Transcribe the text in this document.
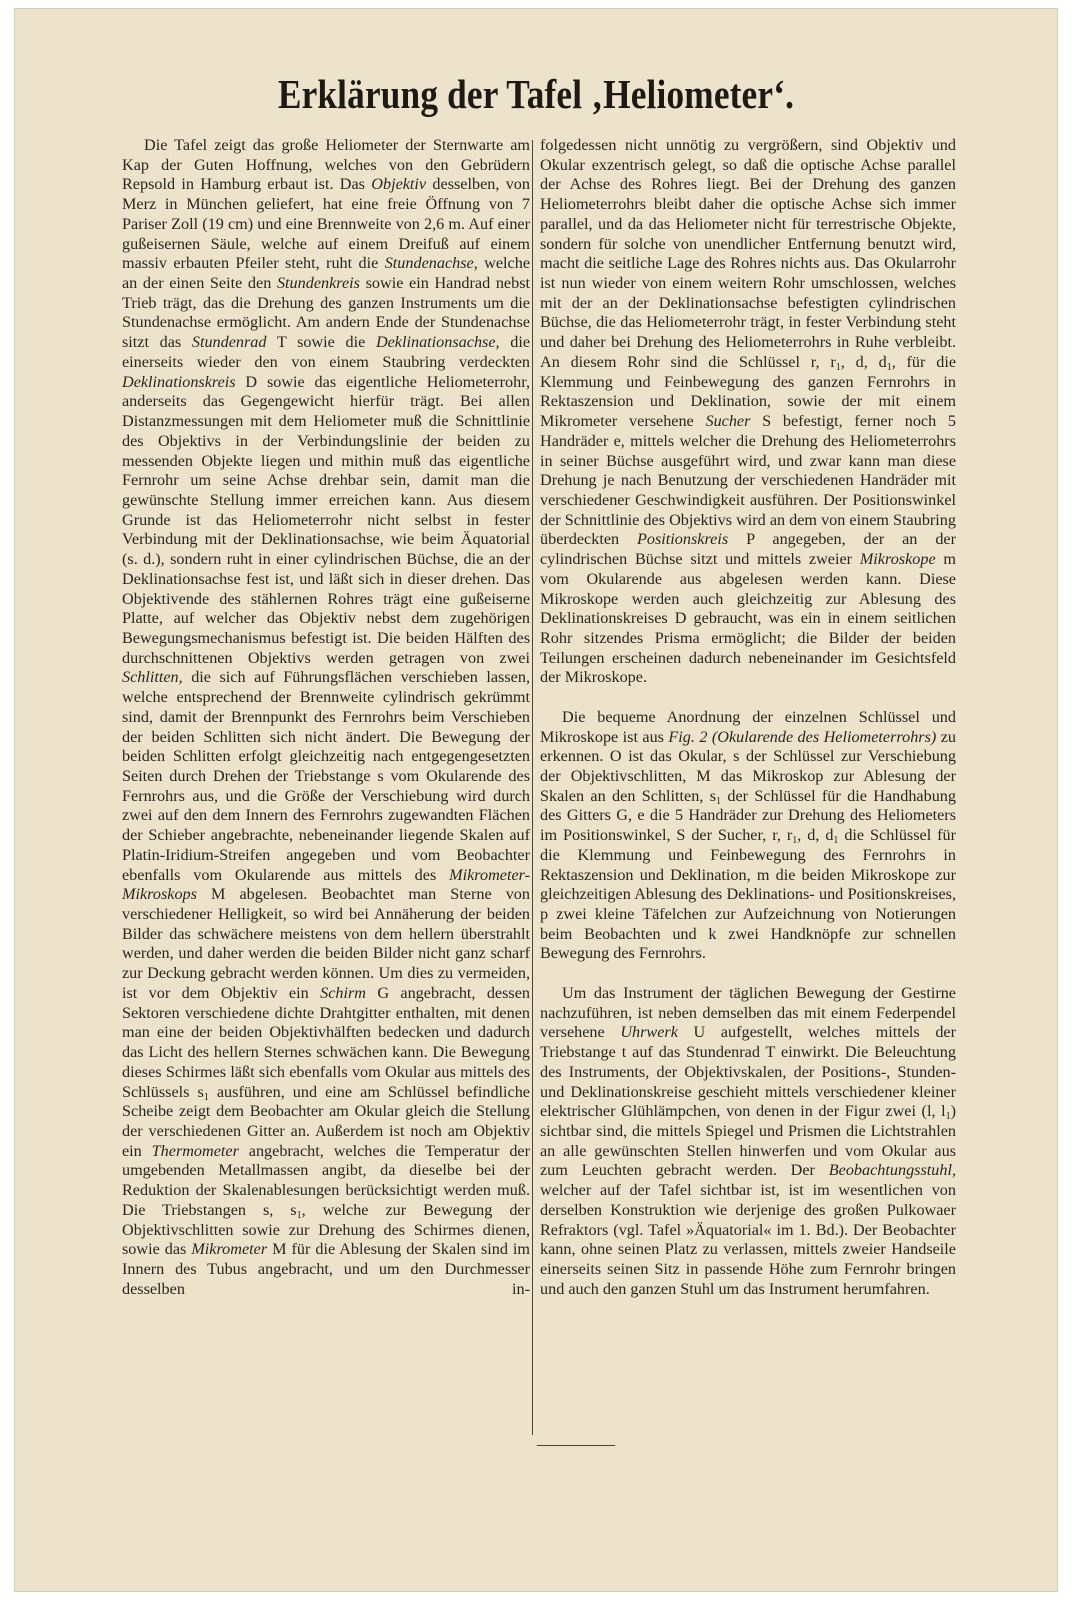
Erklärung der Tafel ‚Heliometer‘.
Die Tafel zeigt das große Heliometer der Sternwarte am Kap der Guten Hoffnung, welches von den Gebrüdern Repsold in Hamburg erbaut ist. Das Objektiv desselben, von Merz in München geliefert, hat eine freie Öffnung von 7 Pariser Zoll (19 cm) und eine Brennweite von 2,6 m. Auf einer gußeisernen Säule, welche auf einem Dreifuß auf einem massiv erbauten Pfeiler steht, ruht die Stundenachse, welche an der einen Seite den Stundenkreis sowie ein Handrad nebst Trieb trägt, das die Drehung des ganzen Instruments um die Stundenachse ermöglicht. Am andern Ende der Stundenachse sitzt das Stundenrad T sowie die Deklinationsachse, die einerseits wieder den von einem Staubring verdeckten Deklinationskreis D sowie das eigentliche Heliometerrohr, anderseits das Gegengewicht hierfür trägt. Bei allen Distanzmessungen mit dem Heliometer muß die Schnittlinie des Objektivs in der Verbindungslinie der beiden zu messenden Objekte liegen und mithin muß das eigentliche Fernrohr um seine Achse drehbar sein, damit man die gewünschte Stellung immer erreichen kann. Aus diesem Grunde ist das Heliometerrohr nicht selbst in fester Verbindung mit der Deklinationsachse, wie beim Äquatorial (s. d.), sondern ruht in einer cylindrischen Büchse, die an der Deklinationsachse fest ist, und läßt sich in dieser drehen. Das Objektivende des stählernen Rohres trägt eine gußeiserne Platte, auf welcher das Objektiv nebst dem zugehörigen Bewegungsmechanismus befestigt ist. Die beiden Hälften des durchschnittenen Objektivs werden getragen von zwei Schlitten, die sich auf Führungsflächen verschieben lassen, welche entsprechend der Brennweite cylindrisch gekrümmt sind, damit der Brennpunkt des Fernrohrs beim Verschieben der beiden Schlitten sich nicht ändert. Die Bewegung der beiden Schlitten erfolgt gleichzeitig nach entgegengesetzten Seiten durch Drehen der Triebstange s vom Okularende des Fernrohrs aus, und die Größe der Verschiebung wird durch zwei auf den dem Innern des Fernrohrs zugewandten Flächen der Schieber angebrachte, nebeneinander liegende Skalen auf Platin-Iridium-Streifen angegeben und vom Beobachter ebenfalls vom Okularende aus mittels des Mikrometer-Mikroskops M abgelesen. Beobachtet man Sterne von verschiedener Helligkeit, so wird bei Annäherung der beiden Bilder das schwächere meistens von dem hellern überstrahlt werden, und daher werden die beiden Bilder nicht ganz scharf zur Deckung gebracht werden können. Um dies zu vermeiden, ist vor dem Objektiv ein Schirm G angebracht, dessen Sektoren verschiedene dichte Drahtgitter enthalten, mit denen man eine der beiden Objektivhälften bedecken und dadurch das Licht des hellern Sternes schwächen kann. Die Bewegung dieses Schirmes läßt sich ebenfalls vom Okular aus mittels des Schlüssels $s_1$ ausführen, und eine am Schlüssel befindliche Scheibe zeigt dem Beobachter am Okular gleich die Stellung der verschiedenen Gitter an. Außerdem ist noch am Objektiv ein Thermometer angebracht, welches die Temperatur der umgebenden Metallmassen angibt, da dieselbe bei der Reduktion der Skalenablesungen berücksichtigt werden muß. Die Triebstangen s, $s_1$, welche zur Bewegung der Objektivschlitten sowie zur Drehung des Schirmes dienen, sowie das Mikrometer M für die Ablesung der Skalen sind im Innern des Tubus angebracht, und um den Durchmesser desselben in-
folgedessen nicht unnötig zu vergrößern, sind Objektiv und Okular exzentrisch gelegt, so daß die optische Achse parallel der Achse des Rohres liegt. Bei der Drehung des ganzen Heliometerrohrs bleibt daher die optische Achse sich immer parallel, und da das Heliometer nicht für terrestrische Objekte, sondern für solche von unendlicher Entfernung benutzt wird, macht die seitliche Lage des Rohres nichts aus. Das Okularrohr ist nun wieder von einem weitern Rohr umschlossen, welches mit der an der Deklinationsachse befestigten cylindrischen Büchse, die das Heliometerrohr trägt, in fester Verbindung steht und daher bei Drehung des Heliometerrohrs in Ruhe verbleibt. An diesem Rohr sind die Schlüssel r, $r_1$, d, $d_1$, für die Klemmung und Feinbewegung des ganzen Fernrohrs in Rektaszension und Deklination, sowie der mit einem Mikrometer versehene Sucher S befestigt, ferner noch 5 Handräder e, mittels welcher die Drehung des Heliometerrohrs in seiner Büchse ausgeführt wird, und zwar kann man diese Drehung je nach Benutzung der verschiedenen Handräder mit verschiedener Geschwindigkeit ausführen. Der Positionswinkel der Schnittlinie des Objektivs wird an dem von einem Staubring überdeckten Positionskreis P angegeben, der an der cylindrischen Büchse sitzt und mittels zweier Mikroskope m vom Okularende aus abgelesen werden kann. Diese Mikroskope werden auch gleichzeitig zur Ablesung des Deklinationskreises D gebraucht, was ein in einem seitlichen Rohr sitzendes Prisma ermöglicht; die Bilder der beiden Teilungen erscheinen dadurch nebeneinander im Gesichtsfeld der Mikroskope.
Die bequeme Anordnung der einzelnen Schlüssel und Mikroskope ist aus Fig. 2 (Okularende des Heliometerrohrs) zu erkennen. O ist das Okular, s der Schlüssel zur Verschiebung der Objektivschlitten, M das Mikroskop zur Ablesung der Skalen an den Schlitten, $s_1$ der Schlüssel für die Handhabung des Gitters G, e die 5 Handräder zur Drehung des Heliometers im Positionswinkel, S der Sucher, r, $r_1$, d, $d_1$ die Schlüssel für die Klemmung und Feinbewegung des Fernrohrs in Rektaszension und Deklination, m die beiden Mikroskope zur gleichzeitigen Ablesung des Deklinations- und Positionskreises, p zwei kleine Täfelchen zur Aufzeichnung von Notierungen beim Beobachten und k zwei Handknöpfe zur schnellen Bewegung des Fernrohrs.
Um das Instrument der täglichen Bewegung der Gestirne nachzuführen, ist neben demselben das mit einem Federpendel versehene Uhrwerk U aufgestellt, welches mittels der Triebstange t auf das Stundenrad T einwirkt. Die Beleuchtung des Instruments, der Objektivskalen, der Positions-, Stunden- und Deklinationskreise geschieht mittels verschiedener kleiner elektrischer Glühlämpchen, von denen in der Figur zwei (l, $l_1$) sichtbar sind, die mittels Spiegel und Prismen die Lichtstrahlen an alle gewünschten Stellen hinwerfen und vom Okular aus zum Leuchten gebracht werden. Der Beobachtungsstuhl, welcher auf der Tafel sichtbar ist, ist im wesentlichen von derselben Konstruktion wie derjenige des großen Pulkowaer Refraktors (vgl. Tafel »Äquatorial« im 1. Bd.). Der Beobachter kann, ohne seinen Platz zu verlassen, mittels zweier Handseile einerseits seinen Sitz in passende Höhe zum Fernrohr bringen und auch den ganzen Stuhl um das Instrument herumfahren.
